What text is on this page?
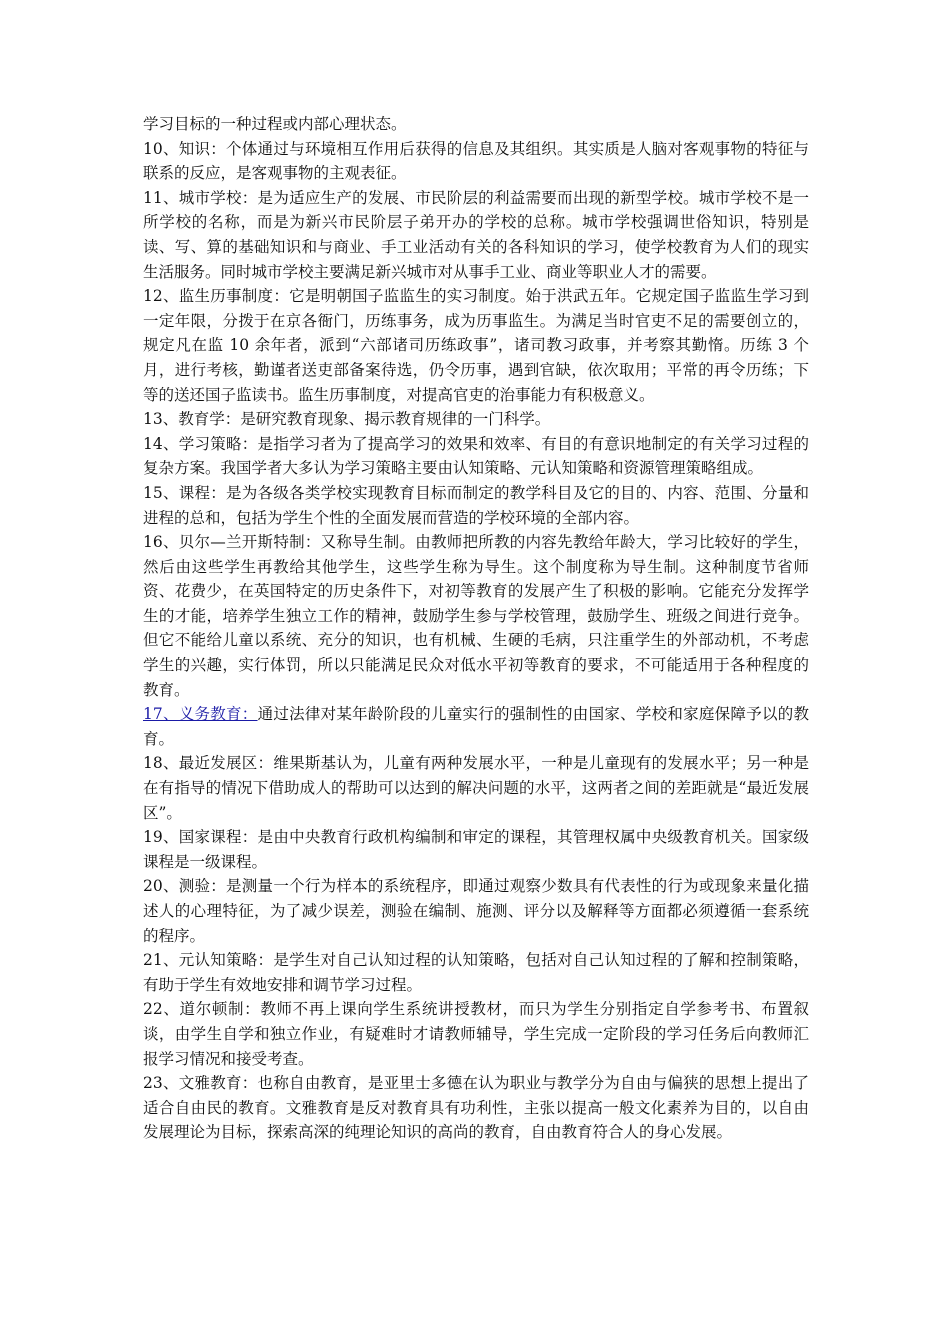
学习目标的一种过程或内部心理状态。

10、知识：个体通过与环境相互作用后获得的信息及其组织。其实质是人脑对客观事物的特征与联系的反应，是客观事物的主观表征。

11、城市学校：是为适应生产的发展、市民阶层的利益需要而出现的新型学校。城市学校不是一所学校的名称，而是为新兴市民阶层子弟开办的学校的总称。城市学校强调世俗知识，特别是读、写、算的基础知识和与商业、手工业活动有关的各科知识的学习，使学校教育为人们的现实生活服务。同时城市学校主要满足新兴城市对从事手工业、商业等职业人才的需要。

12、监生历事制度：它是明朝国子监监生的实习制度。始于洪武五年。它规定国子监监生学习到一定年限，分拨于在京各衙门，历练事务，成为历事监生。为满足当时官吏不足的需要创立的，规定凡在监 10 余年者，派到“六部诸司历练政事”，诸司教习政事，并考察其勤惰。历练 3 个月，进行考核，勤谨者送吏部备案待选，仍令历事，遇到官缺，依次取用；平常的再令历练；下等的送还国子监读书。监生历事制度，对提高官吏的治事能力有积极意义。

13、教育学：是研究教育现象、揭示教育规律的一门科学。

14、学习策略：是指学习者为了提高学习的效果和效率、有目的有意识地制定的有关学习过程的复杂方案。我国学者大多认为学习策略主要由认知策略、元认知策略和资源管理策略组成。

15、课程：是为各级各类学校实现教育目标而制定的教学科目及它的目的、内容、范围、分量和进程的总和，包括为学生个性的全面发展而营造的学校环境的全部内容。

16、贝尔—兰开斯特制：又称导生制。由教师把所教的内容先教给年龄大，学习比较好的学生，然后由这些学生再教给其他学生，这些学生称为导生。这个制度称为导生制。这种制度节省师资、花费少，在英国特定的历史条件下，对初等教育的发展产生了积极的影响。它能充分发挥学生的才能，培养学生独立工作的精神，鼓励学生参与学校管理，鼓励学生、班级之间进行竞争。但它不能给儿童以系统、充分的知识，也有机械、生硬的毛病，只注重学生的外部动机，不考虑学生的兴趣，实行体罚，所以只能满足民众对低水平初等教育的要求，不可能适用于各种程度的教育。

17、义务教育：通过法律对某年龄阶段的儿童实行的强制性的由国家、学校和家庭保障予以的教育。

18、最近发展区：维果斯基认为，儿童有两种发展水平，一种是儿童现有的发展水平；另一种是在有指导的情况下借助成人的帮助可以达到的解决问题的水平，这两者之间的差距就是“最近发展区”。

19、国家课程：是由中央教育行政机构编制和审定的课程，其管理权属中央级教育机关。国家级课程是一级课程。

20、测验：是测量一个行为样本的系统程序，即通过观察少数具有代表性的行为或现象来量化描述人的心理特征，为了减少误差，测验在编制、施测、评分以及解释等方面都必须遵循一套系统的程序。

21、元认知策略：是学生对自己认知过程的认知策略，包括对自己认知过程的了解和控制策略，有助于学生有效地安排和调节学习过程。

22、道尔顿制：教师不再上课向学生系统讲授教材，而只为学生分别指定自学参考书、布置叙谈，由学生自学和独立作业，有疑难时才请教师辅导，学生完成一定阶段的学习任务后向教师汇报学习情况和接受考查。

23、文雅教育：也称自由教育，是亚里士多德在认为职业与教学分为自由与偏狭的思想上提出了适合自由民的教育。文雅教育是反对教育具有功利性，主张以提高一般文化素养为目的，以自由发展理论为目标，探索高深的纯理论知识的高尚的教育，自由教育符合人的身心发展。
